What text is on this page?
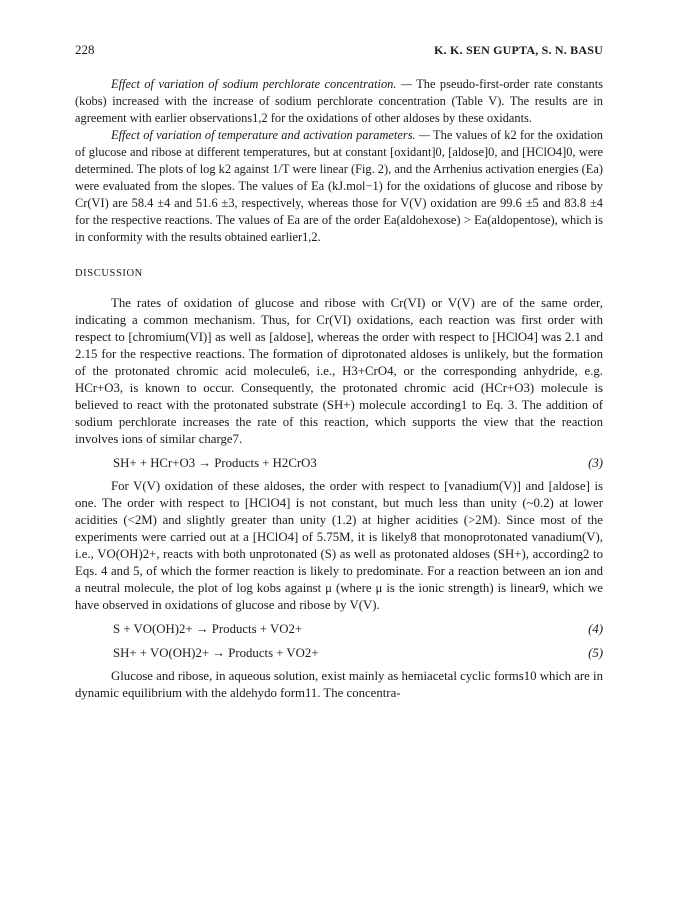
228	K. K. SEN GUPTA, S. N. BASU

Effect of variation of sodium perchlorate concentration. — The pseudo-first-order rate constants (kobs) increased with the increase of sodium perchlorate concentration (Table V). The results are in agreement with earlier observations1,2 for the oxidations of other aldoses by these oxidants.

Effect of variation of temperature and activation parameters. — The values of k2 for the oxidation of glucose and ribose at different temperatures, but at constant [oxidant]0, [aldose]0, and [HClO4]0, were determined. The plots of log k2 against 1/T were linear (Fig. 2), and the Arrhenius activation energies (Ea) were evaluated from the slopes. The values of Ea (kJ.mol−1) for the oxidations of glucose and ribose by Cr(VI) are 58.4 ±4 and 51.6 ±3, respectively, whereas those for V(V) oxidation are 99.6 ±5 and 83.8 ±4 for the respective reactions. The values of Ea are of the order Ea(aldohexose) > Ea(aldopentose), which is in conformity with the results obtained earlier1,2.

DISCUSSION

The rates of oxidation of glucose and ribose with Cr(VI) or V(V) are of the same order, indicating a common mechanism. Thus, for Cr(VI) oxidations, each reaction was first order with respect to [chromium(VI)] as well as [aldose], whereas the order with respect to [HClO4] was 2.1 and 2.15 for the respective reactions. The formation of diprotonated aldoses is unlikely, but the formation of the protonated chromic acid molecule6, i.e., H3+CrO4, or the corresponding anhydride, e.g. HCr+O3, is known to occur. Consequently, the protonated chromic acid (HCr+O3) molecule is believed to react with the protonated substrate (SH+) molecule according1 to Eq. 3. The addition of sodium perchlorate increases the rate of this reaction, which supports the view that the reaction involves ions of similar charge7.

SH+ + HCr+O3 → Products + H2CrO3	(3)

For V(V) oxidation of these aldoses, the order with respect to [vanadium(V)] and [aldose] is one. The order with respect to [HClO4] is not constant, but much less than unity (~0.2) at lower acidities (<2M) and slightly greater than unity (1.2) at higher acidities (>2M). Since most of the experiments were carried out at a [HClO4] of 5.75M, it is likely8 that monoprotonated vanadium(V), i.e., VO(OH)2+, reacts with both unprotonated (S) as well as protonated aldoses (SH+), according2 to Eqs. 4 and 5, of which the former reaction is likely to predominate. For a reaction between an ion and a neutral molecule, the plot of log kobs against μ (where μ is the ionic strength) is linear9, which we have observed in oxidations of glucose and ribose by V(V).

S + VO(OH)2+ → Products + VO2+	(4)
SH+ + VO(OH)2+ → Products + VO2+	(5)

Glucose and ribose, in aqueous solution, exist mainly as hemiacetal cyclic forms10 which are in dynamic equilibrium with the aldehydo form11. The concentra-
